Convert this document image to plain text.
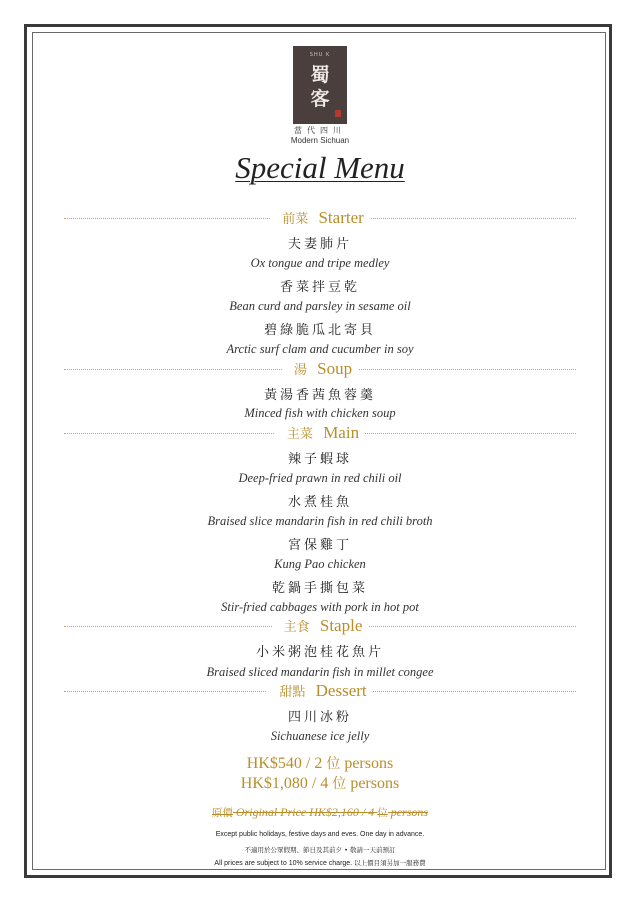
SHU K
蜀
客
當代四川
Modern Sichuan
Special Menu
前菜 Starter
夫妻肺片
Ox tongue and tripe medley
香菜拌豆乾
Bean curd and parsley in sesame oil
碧綠脆瓜北寄貝
Arctic surf clam and cucumber in soy
湯 Soup
黃湯香茜魚蓉羹
Minced fish with chicken soup
主菜 Main
辣子蝦球
Deep-fried prawn in red chili oil
水煮桂魚
Braised slice mandarin fish in red chili broth
宮保雞丁
Kung Pao chicken
乾鍋手撕包菜
Stir-fried cabbages with pork in hot pot
主食 Staple
小米粥泡桂花魚片
Braised sliced mandarin fish in millet congee
甜點 Dessert
四川冰粉
Sichuanese ice jelly
HK$540 / 2 位 persons
HK$1,080 / 4 位 persons
原價 Original Price HK$2,160 / 4 位 persons
Except public holidays, festive days and eves. One day in advance.
不適用於公眾假期、節日及其前夕 • 敬請一天前預訂
All prices are subject to 10% service charge. 以上價目須另加一服務費
